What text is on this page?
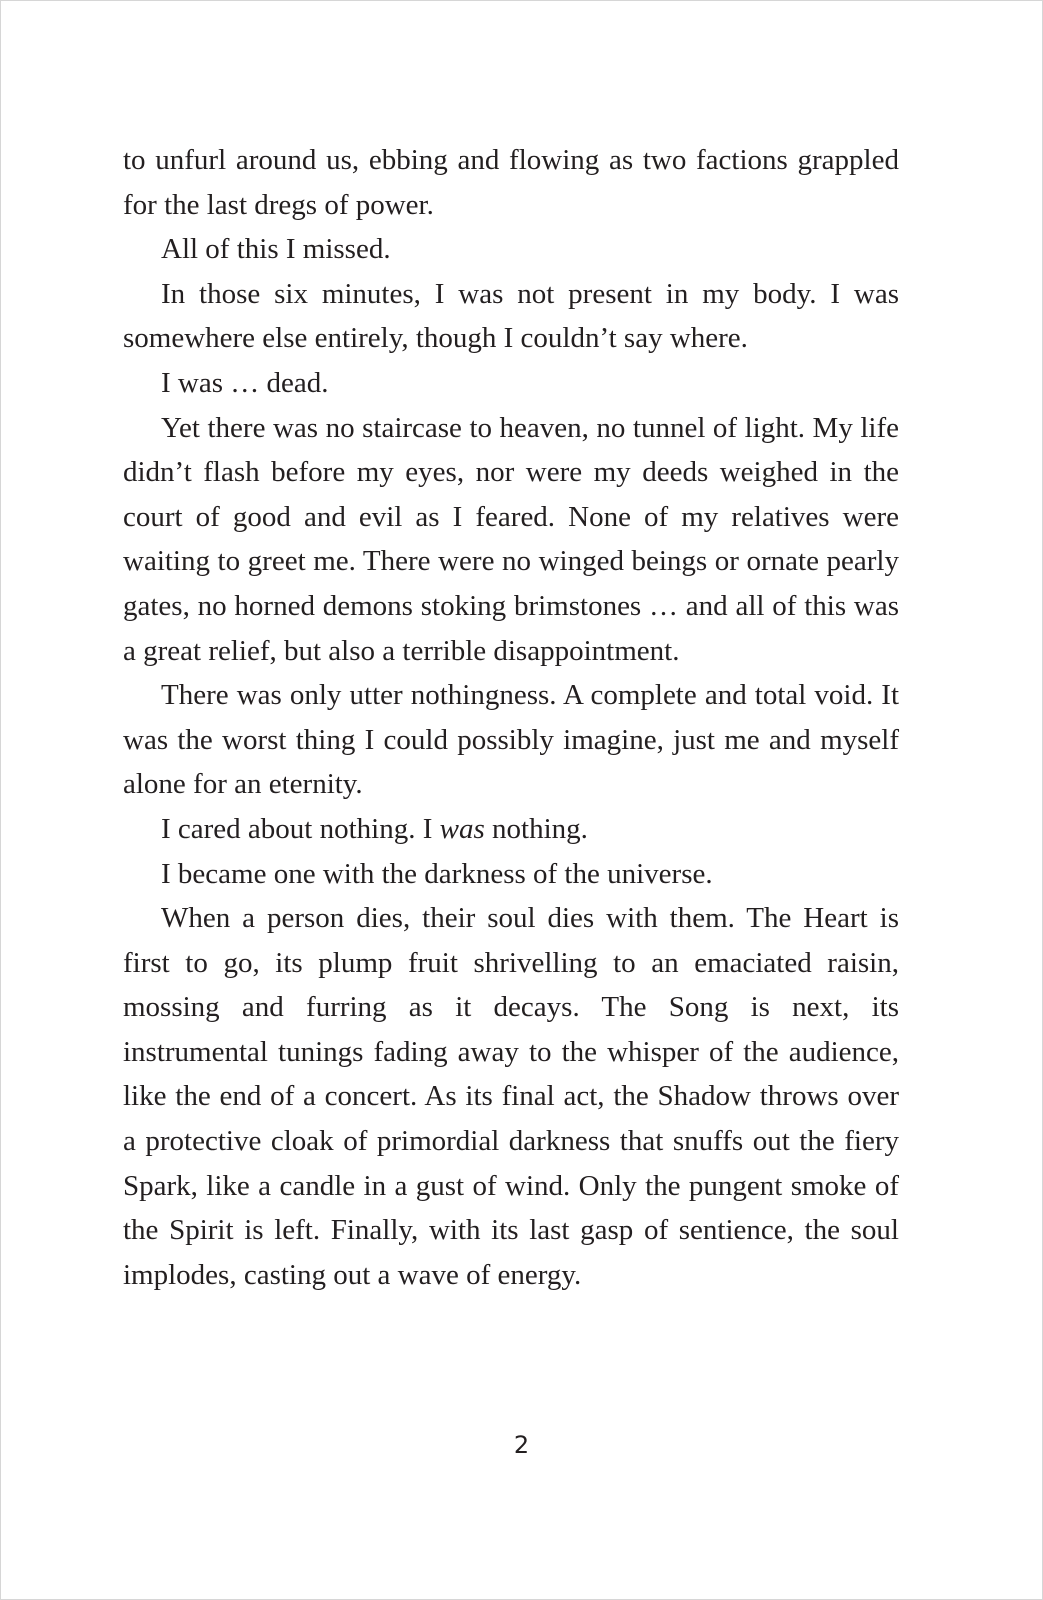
to unfurl around us, ebbing and flowing as two factions grappled for the last dregs of power.

All of this I missed.

In those six minutes, I was not present in my body. I was somewhere else entirely, though I couldn’t say where.

I was … dead.

Yet there was no staircase to heaven, no tunnel of light. My life didn’t flash before my eyes, nor were my deeds weighed in the court of good and evil as I feared. None of my relatives were waiting to greet me. There were no winged beings or ornate pearly gates, no horned demons stoking brimstones … and all of this was a great relief, but also a terrible disappointment.

There was only utter nothingness. A complete and total void. It was the worst thing I could possibly imagine, just me and myself alone for an eternity.

I cared about nothing. I was nothing.

I became one with the darkness of the universe.

When a person dies, their soul dies with them. The Heart is first to go, its plump fruit shrivelling to an emaciated raisin, mossing and furring as it decays. The Song is next, its instrumental tunings fading away to the whisper of the audience, like the end of a concert. As its final act, the Shadow throws over a protective cloak of primordial darkness that snuffs out the fiery Spark, like a candle in a gust of wind. Only the pungent smoke of the Spirit is left. Finally, with its last gasp of sentience, the soul implodes, casting out a wave of energy.

2
